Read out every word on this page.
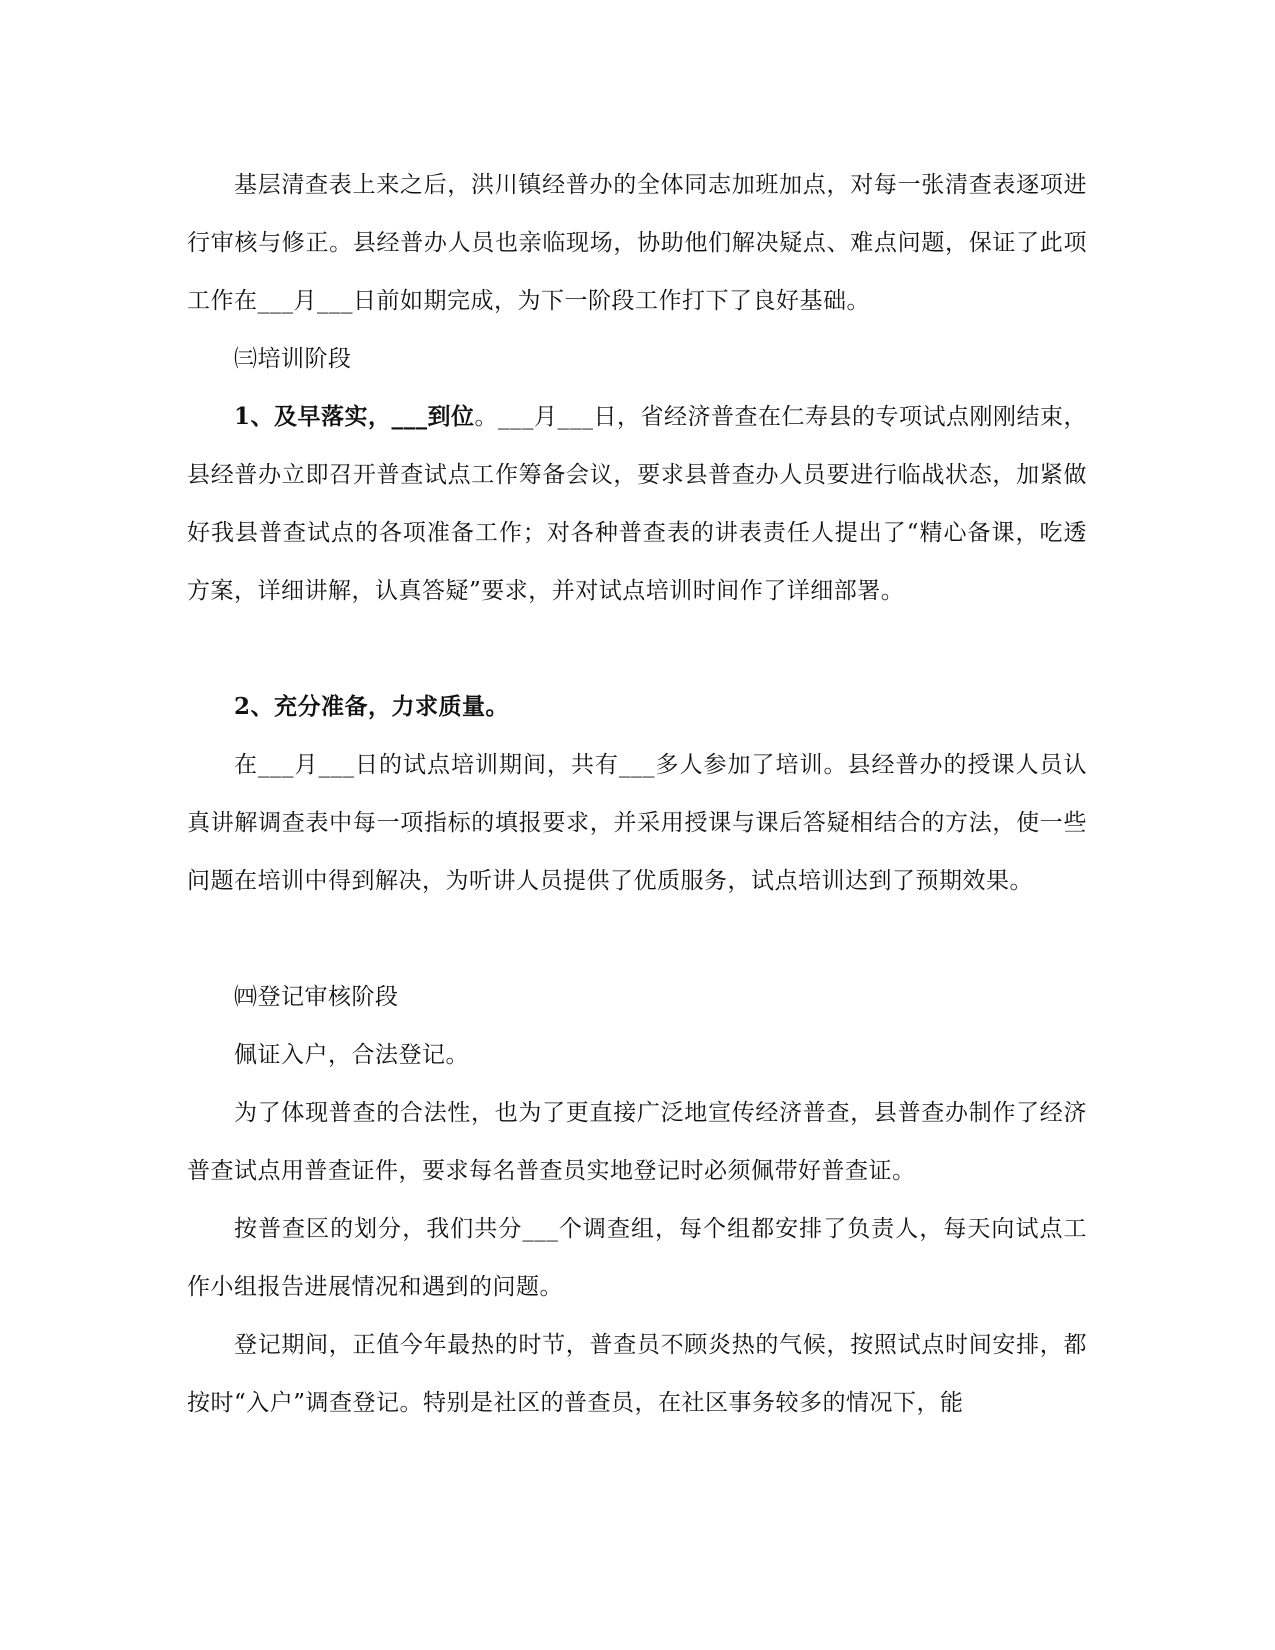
基层清查表上来之后，洪川镇经普办的全体同志加班加点，对每一张清查表逐项进行审核与修正。县经普办人员也亲临现场，协助他们解决疑点、难点问题，保证了此项工作在___月___日前如期完成，为下一阶段工作打下了良好基础。

㈢培训阶段

1、及早落实，___到位。___月___日，省经济普查在仁寿县的专项试点刚刚结束，县经普办立即召开普查试点工作筹备会议，要求县普查办人员要进行临战状态，加紧做好我县普查试点的各项准备工作；对各种普查表的讲表责任人提出了“精心备课，吃透方案，详细讲解，认真答疑”要求，并对试点培训时间作了详细部署。

2、充分准备，力求质量。

在___月___日的试点培训期间，共有___多人参加了培训。县经普办的授课人员认真讲解调查表中每一项指标的填报要求，并采用授课与课后答疑相结合的方法，使一些问题在培训中得到解决，为听讲人员提供了优质服务，试点培训达到了预期效果。

㈣登记审核阶段

佩证入户，合法登记。

为了体现普查的合法性，也为了更直接广泛地宣传经济普查，县普查办制作了经济普查试点用普查证件，要求每名普查员实地登记时必须佩带好普查证。

按普查区的划分，我们共分___个调查组，每个组都安排了负责人，每天向试点工作小组报告进展情况和遇到的问题。

登记期间，正值今年最热的时节，普查员不顾炎热的气候，按照试点时间安排，都按时“入户”调查登记。特别是社区的普查员，在社区事务较多的情况下，能
